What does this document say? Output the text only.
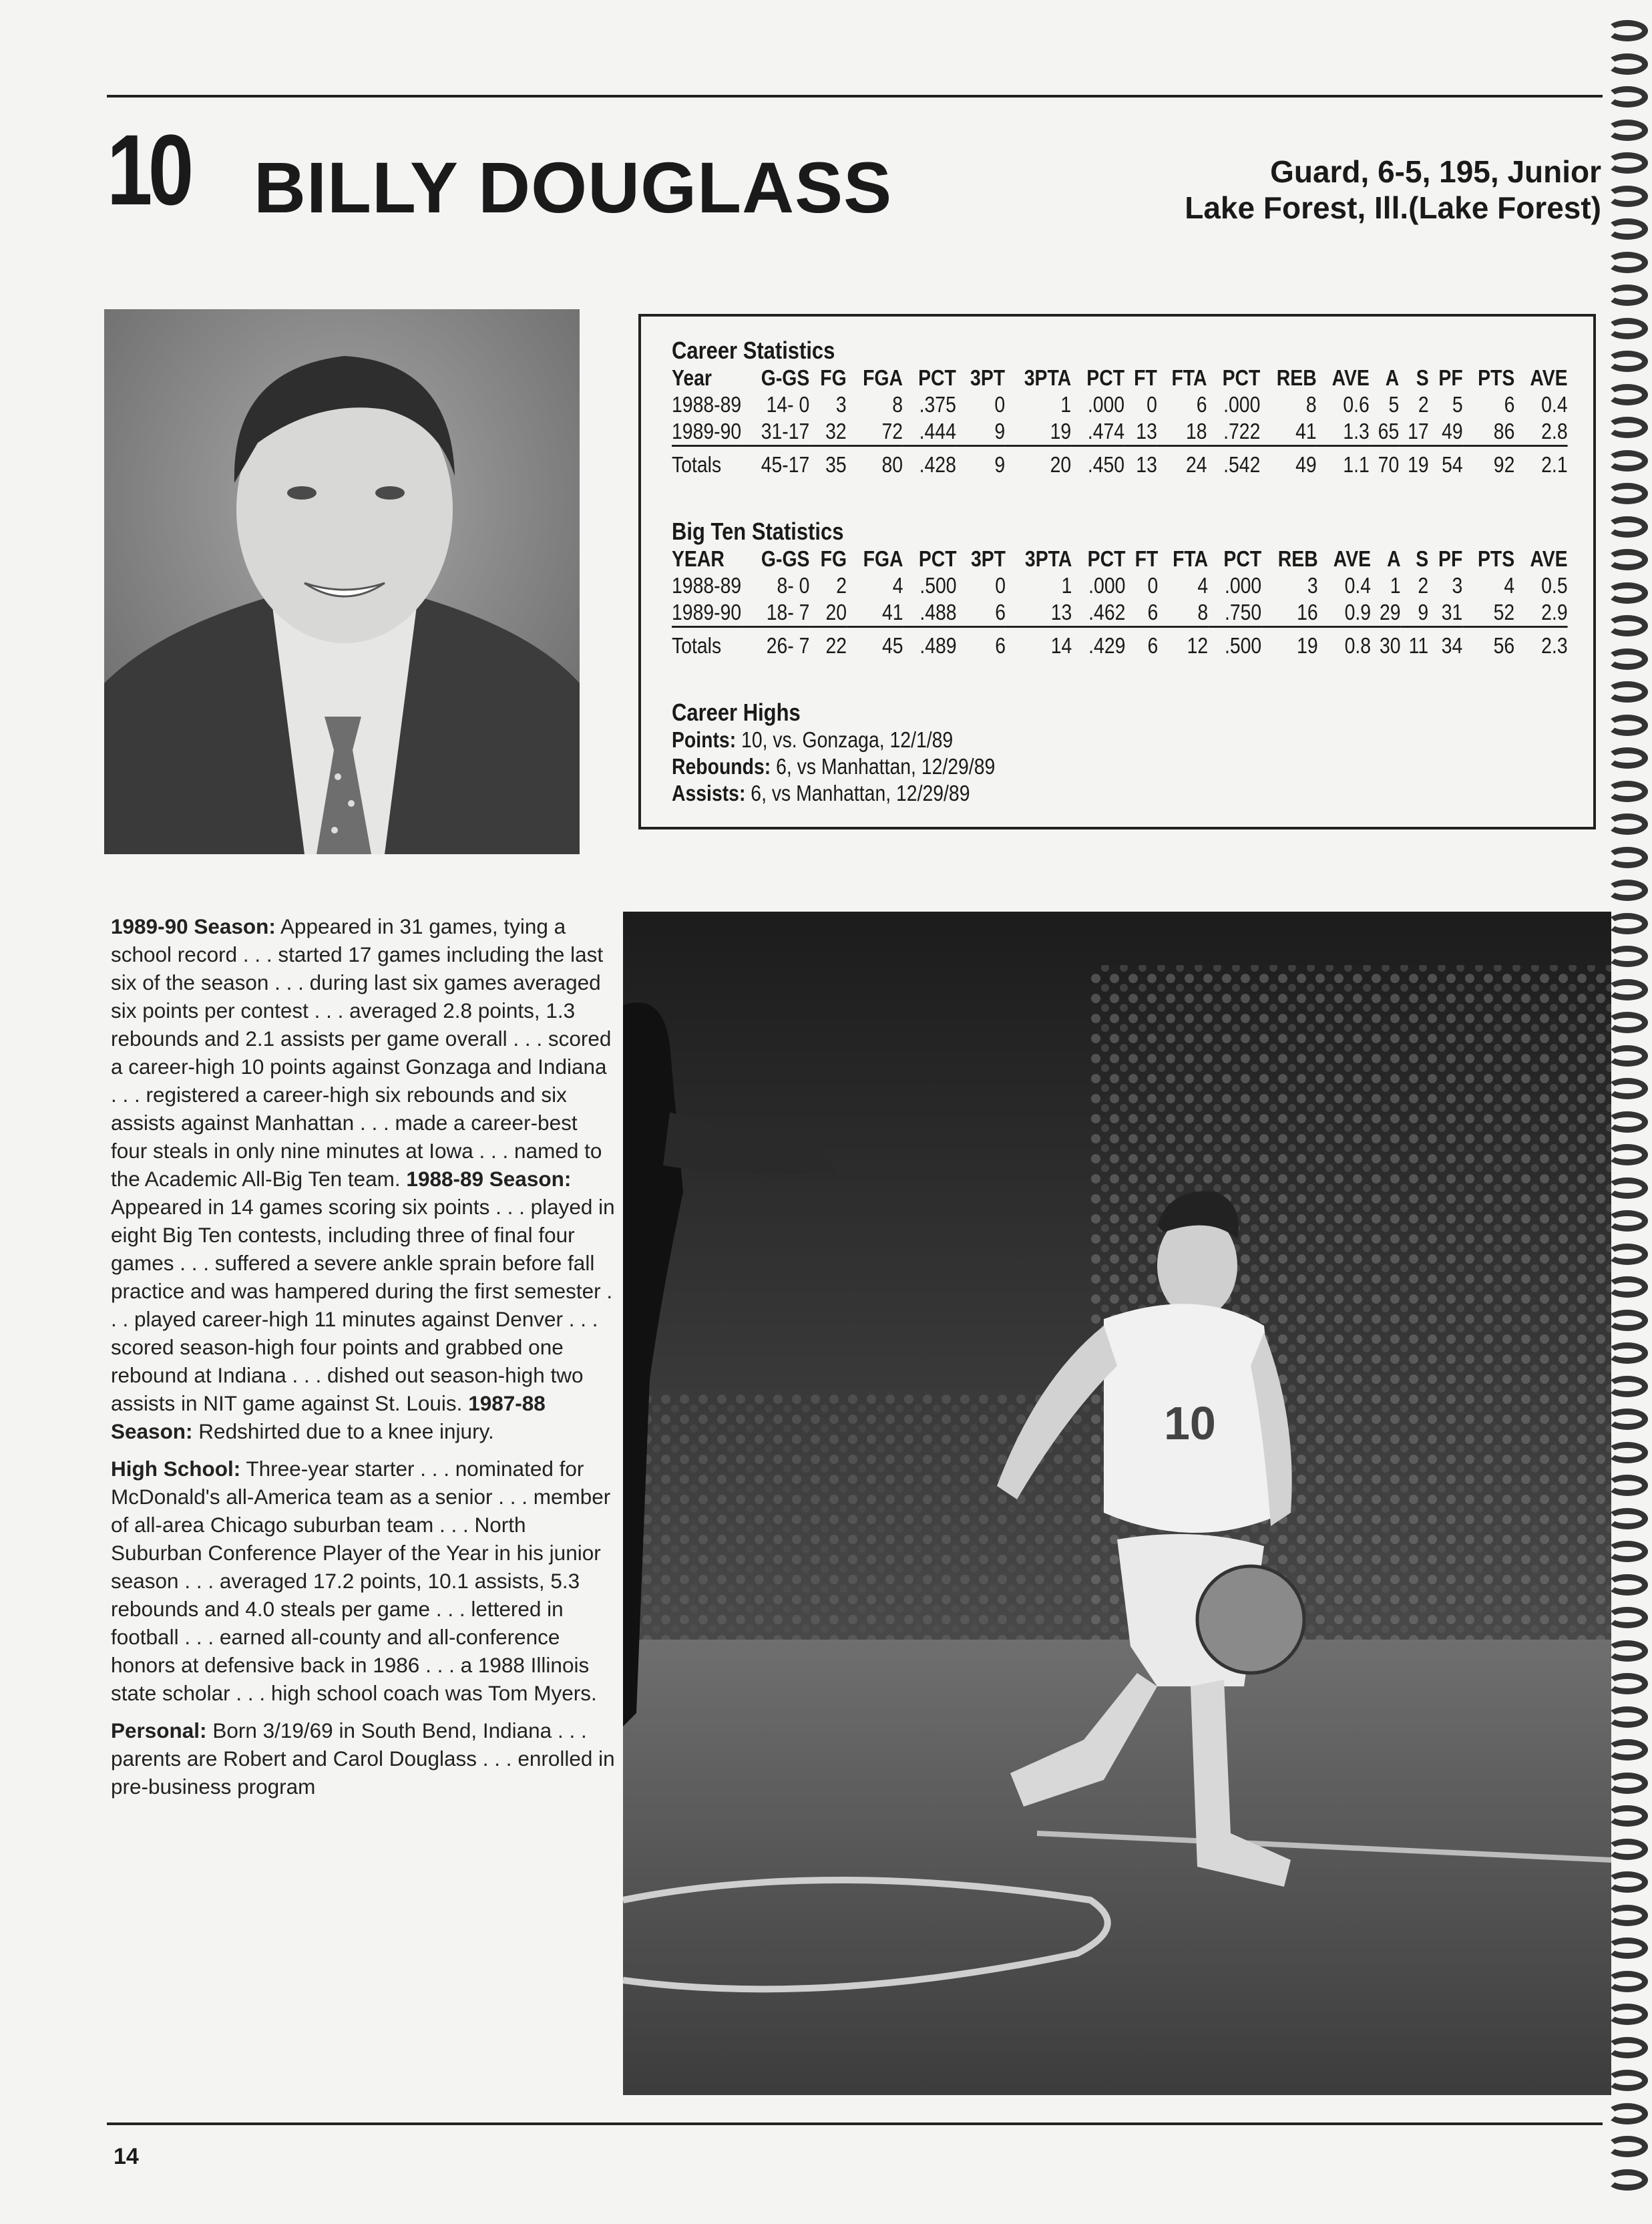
10 BILLY DOUGLASS	Guard, 6-5, 195, Junior
Lake Forest, Ill.(Lake Forest)
Career Statistics
Year	G-GS	FG	FGA	PCT	3PT	3PTA	PCT	FT	FTA	PCT	REB	AVE	A	S	PF	PTS	AVE
1988-89	14- 0	3	8	.375	0	1	.000	0	6	.000	8	0.6	5	2	5	6	0.4
1989-90	31-17	32	72	.444	9	19	.474	13	18	.722	41	1.3	65	17	49	86	2.8
Totals	45-17	35	80	.428	9	20	.450	13	24	.542	49	1.1	70	19	54	92	2.1
Big Ten Statistics
YEAR	G-GS	FG	FGA	PCT	3PT	3PTA	PCT	FT	FTA	PCT	REB	AVE	A	S	PF	PTS	AVE
1988-89	8- 0	2	4	.500	0	1	.000	0	4	.000	3	0.4	1	2	3	4	0.5
1989-90	18- 7	20	41	.488	6	13	.462	6	8	.750	16	0.9	29	9	31	52	2.9
Totals	26- 7	22	45	.489	6	14	.429	6	12	.500	19	0.8	30	11	34	56	2.3
Career Highs
Points: 10, vs. Gonzaga, 12/1/89
Rebounds: 6, vs Manhattan, 12/29/89
Assists: 6, vs Manhattan, 12/29/89

1989-90 Season: Appeared in 31 games, tying a school record . . . started 17 games including the last six of the season . . . during last six games averaged six points per contest . . . averaged 2.8 points, 1.3 rebounds and 2.1 assists per game overall . . . scored a career-high 10 points against Gonzaga and Indiana . . . registered a career-high six rebounds and six assists against Manhattan . . . made a career-best four steals in only nine minutes at Iowa . . . named to the Academic All-Big Ten team. 1988-89 Season: Appeared in 14 games scoring six points . . . played in eight Big Ten contests, including three of final four games . . . suffered a severe ankle sprain before fall practice and was hampered during the first semester . . . played career-high 11 minutes against Denver . . . scored season-high four points and grabbed one rebound at Indiana . . . dished out season-high two assists in NIT game against St. Louis. 1987-88 Season: Redshirted due to a knee injury.

High School: Three-year starter . . . nominated for McDonald's all-America team as a senior . . . member of all-area Chicago suburban team . . . North Suburban Conference Player of the Year in his junior season . . . averaged 17.2 points, 10.1 assists, 5.3 rebounds and 4.0 steals per game . . . lettered in football . . . earned all-county and all-conference honors at defensive back in 1986 . . . a 1988 Illinois state scholar . . . high school coach was Tom Myers.

Personal: Born 3/19/69 in South Bend, Indiana . . . parents are Robert and Carol Douglass . . . enrolled in pre-business program

10
14
